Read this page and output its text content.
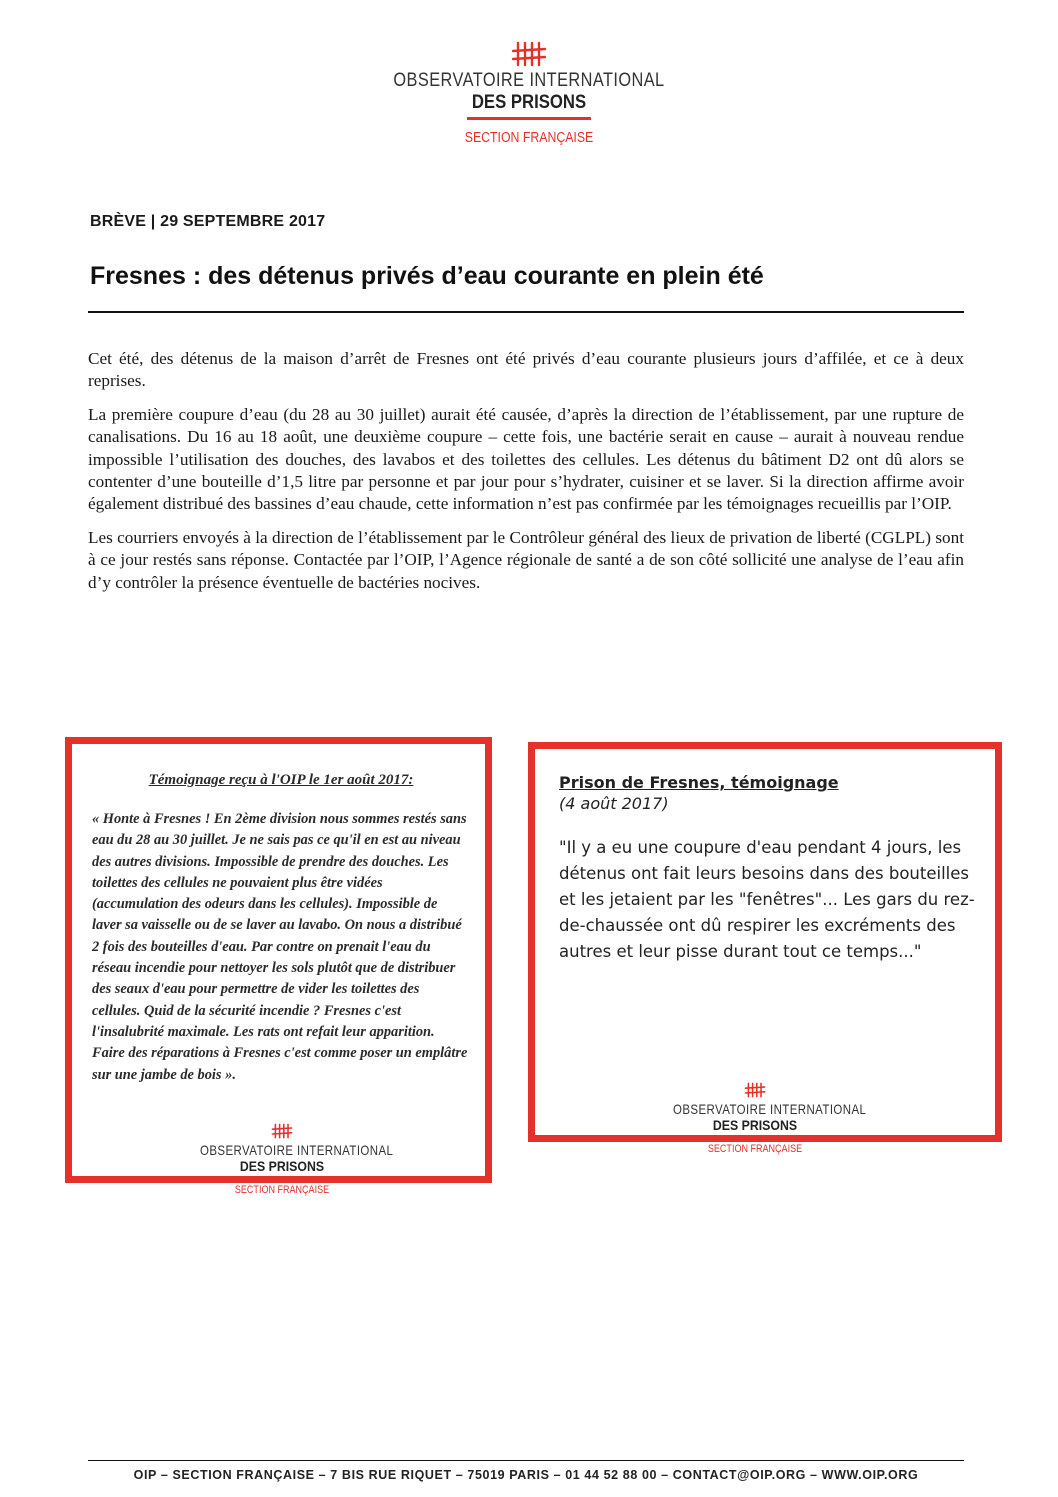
OBSERVATOIRE INTERNATIONAL
DES PRISONS
SECTION FRANÇAISE
BRÈVE | 29 SEPTEMBRE 2017
Fresnes : des détenus privés d’eau courante en plein été

Cet été, des détenus de la maison d’arrêt de Fresnes ont été privés d’eau courante plusieurs jours d’affilée, et ce à deux reprises.

La première coupure d’eau (du 28 au 30 juillet) aurait été causée, d’après la direction de l’établissement, par une rupture de canalisations. Du 16 au 18 août, une deuxième coupure – cette fois, une bactérie serait en cause – aurait à nouveau rendue impossible l’utilisation des douches, des lavabos et des toilettes des cellules. Les détenus du bâtiment D2 ont dû alors se contenter d’une bouteille d’1,5 litre par personne et par jour pour s’hydrater, cuisiner et se laver. Si la direction affirme avoir également distribué des bassines d’eau chaude, cette information n’est pas confirmée par les témoignages recueillis par l’OIP.

Les courriers envoyés à la direction de l’établissement par le Contrôleur général des lieux de privation de liberté (CGLPL) sont à ce jour restés sans réponse. Contactée par l’OIP, l’Agence régionale de santé a de son côté sollicité une analyse de l’eau afin d’y contrôler la présence éventuelle de bactéries nocives.

Témoignage reçu à l'OIP le 1er août 2017:
« Honte à Fresnes ! En 2ème division nous sommes restés sans eau du 28 au 30 juillet. Je ne sais pas ce qu'il en est au niveau des autres divisions. Impossible de prendre des douches. Les toilettes des cellules ne pouvaient plus être vidées (accumulation des odeurs dans les cellules). Impossible de laver sa vaisselle ou de se laver au lavabo. On nous a distribué 2 fois des bouteilles d'eau. Par contre on prenait l'eau du réseau incendie pour nettoyer les sols plutôt que de distribuer des seaux d'eau pour permettre de vider les toilettes des cellules. Quid de la sécurité incendie ? Fresnes c'est l'insalubrité maximale. Les rats ont refait leur apparition. Faire des réparations à Fresnes c'est comme poser un emplâtre sur une jambe de bois ».
OBSERVATOIRE INTERNATIONAL
DES PRISONS
SECTION FRANÇAISE
Prison de Fresnes, témoignage
(4 août 2017)
"Il y a eu une coupure d'eau pendant 4 jours, les détenus ont fait leurs besoins dans des bouteilles et les jetaient par les "fenêtres"... Les gars du rez-de-chaussée ont dû respirer les excréments des autres et leur pisse durant tout ce temps..."
OBSERVATOIRE INTERNATIONAL
DES PRISONS
SECTION FRANÇAISE
OIP – SECTION FRANÇAISE – 7 BIS RUE RIQUET – 75019 PARIS – 01 44 52 88 00 – CONTACT@OIP.ORG – WWW.OIP.ORG
